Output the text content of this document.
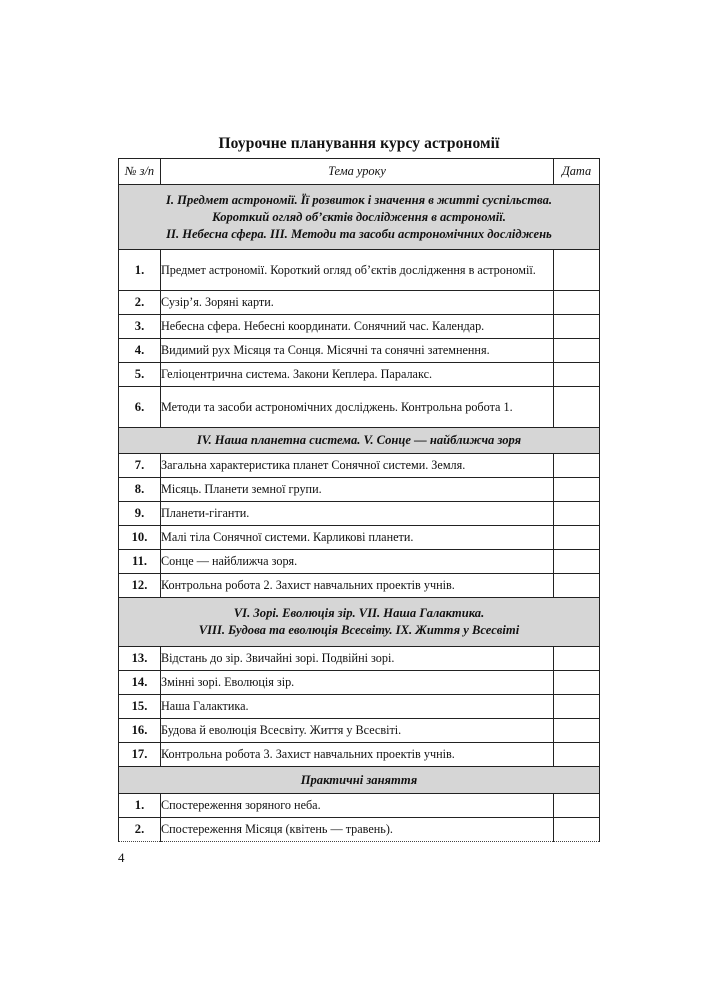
Поурочне планування курсу астрономії
№ з/п	Тема уроку	Дата

І. Предмет астрономії. Її розвиток і значення в житті суспільства.
Короткий огляд об’єктів дослідження в астрономії.
ІІ. Небесна сфера. ІІІ. Методи та засоби астрономічних досліджень		

1.	Предмет астрономії. Короткий огляд об’єктів дослідження в астрономії.	
2.	Сузір’я. Зоряні карти.	
3.	Небесна сфера. Небесні координати. Сонячний час. Календар.	
4.	Видимий рух Місяця та Сонця. Місячні та сонячні затемнення.	
5.	Геліоцентрична система. Закони Кеплера. Паралакс.	
6.	Методи та засоби астрономічних досліджень. Контрольна робота 1.	

IV. Наша планетна система. V. Сонце — найближча зоря		

7.	Загальна характеристика планет Сонячної системи. Земля.	
8.	Місяць. Планети земної групи.	
9.	Планети-гіганти.	
10.	Малі тіла Сонячної системи. Карликові планети.	
11.	Сонце — найближча зоря.	
12.	Контрольна робота 2. Захист навчальних проектів учнів.	

VI. Зорі. Еволюція зір. VII. Наша Галактика.
VIII. Будова та еволюція Всесвіту. IX. Життя у Всесвіті		

13.	Відстань до зір. Звичайні зорі. Подвійні зорі.	
14.	Змінні зорі. Еволюція зір.	
15.	Наша Галактика.	
16.	Будова й еволюція Всесвіту. Життя у Всесвіті.	
17.	Контрольна робота 3. Захист навчальних проектів учнів.	

Практичні заняття		

1.	Спостереження зоряного неба.	
2.	Спостереження Місяця (квітень — травень).	
4
